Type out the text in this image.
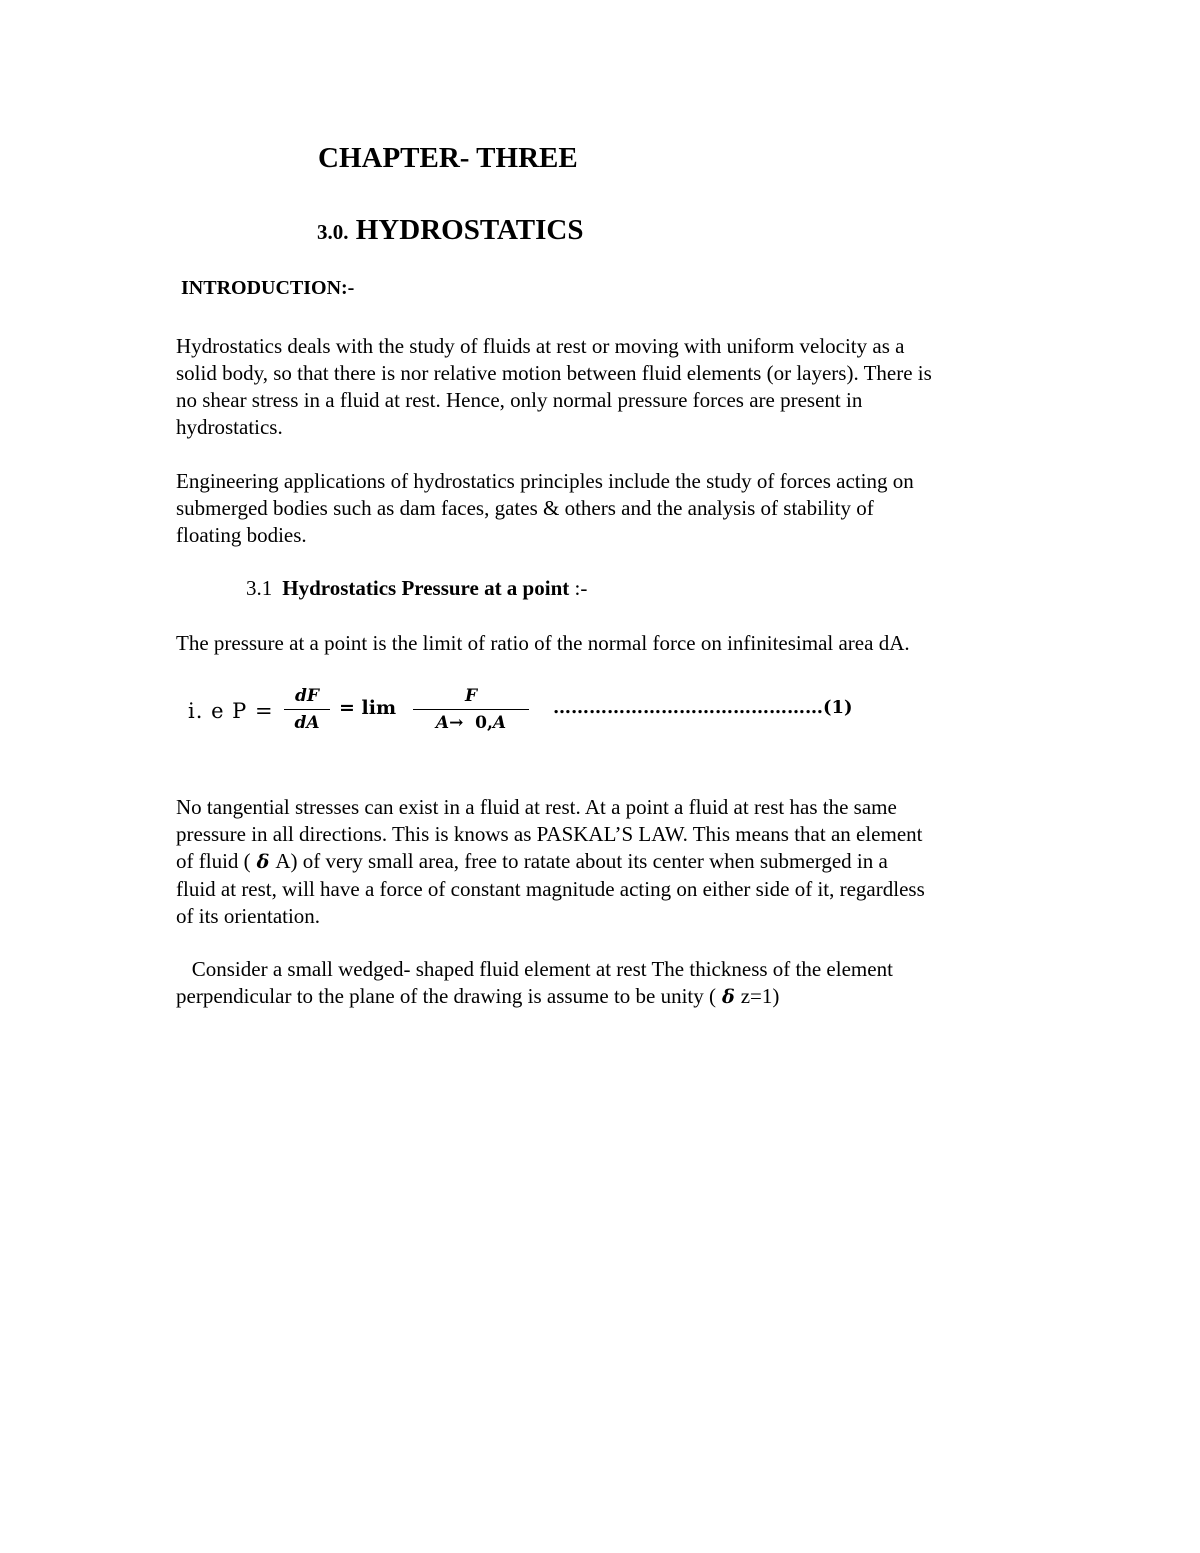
CHAPTER- THREE
3.0. HYDROSTATICS
INTRODUCTION:-
Hydrostatics deals with the study of fluids at rest or moving with uniform velocity as a
solid body, so that there is nor relative motion between fluid elements (or layers). There is
no shear stress in a fluid at rest. Hence, only normal pressure forces are present in
hydrostatics.
Engineering applications of hydrostatics principles include the study of forces acting on
submerged bodies such as dam faces, gates & others and the analysis of stability of
floating bodies.
3.1 Hydrostatics Pressure at a point :-
The pressure at a point is the limit of ratio of the normal force on infinitesimal area dA.
i. e P =
dF
dA
= lim
F
A→ 0,A
………………………………………(1)
No tangential stresses can exist in a fluid at rest. At a point a fluid at rest has the same
pressure in all directions. This is knows as PASKAL’S LAW. This means that an element
of fluid ( δ A) of very small area, free to ratate about its center when submerged in a
fluid at rest, will have a force of constant magnitude acting on either side of it, regardless
of its orientation.
Consider a small wedged- shaped fluid element at rest The thickness of the element
perpendicular to the plane of the drawing is assume to be unity ( δ z=1)
